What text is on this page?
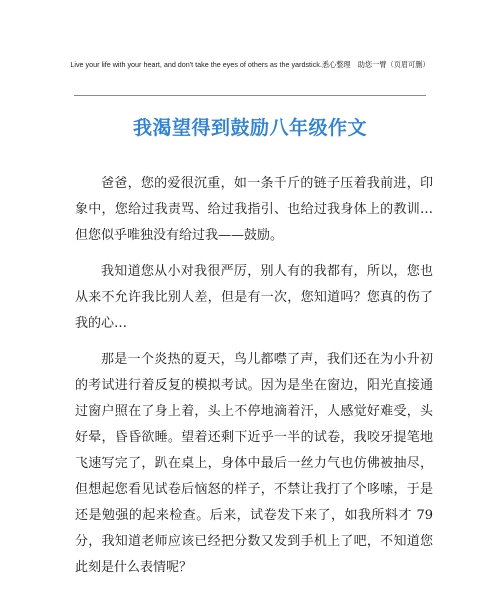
Live your life with your heart, and don't take the eyes of others as the yardstick.悉心整理　助您一臂（页眉可删）
我渴望得到鼓励八年级作文

爸爸，您的爱很沉重，如一条千斤的链子压着我前进，印象中，您给过我责骂、给过我指引、也给过我身体上的教训…但您似乎唯独没有给过我——鼓励。

我知道您从小对我很严厉，别人有的我都有，所以，您也从来不允许我比别人差，但是有一次，您知道吗？您真的伤了我的心…

那是一个炎热的夏天，鸟儿都噤了声，我们还在为小升初的考试进行着反复的模拟考试。因为是坐在窗边，阳光直接通过窗户照在了身上着，头上不停地滴着汗，人感觉好难受，头好晕，昏昏欲睡。望着还剩下近乎一半的试卷，我咬牙提笔地飞速写完了，趴在桌上，身体中最后一丝力气也仿佛被抽尽，但想起您看见试卷后恼怒的样子，不禁让我打了个哆嗦，于是还是勉强的起来检查。后来，试卷发下来了，如我所料才 79 分，我知道老师应该已经把分数又发到手机上了吧，不知道您此刻是什么表情呢？
